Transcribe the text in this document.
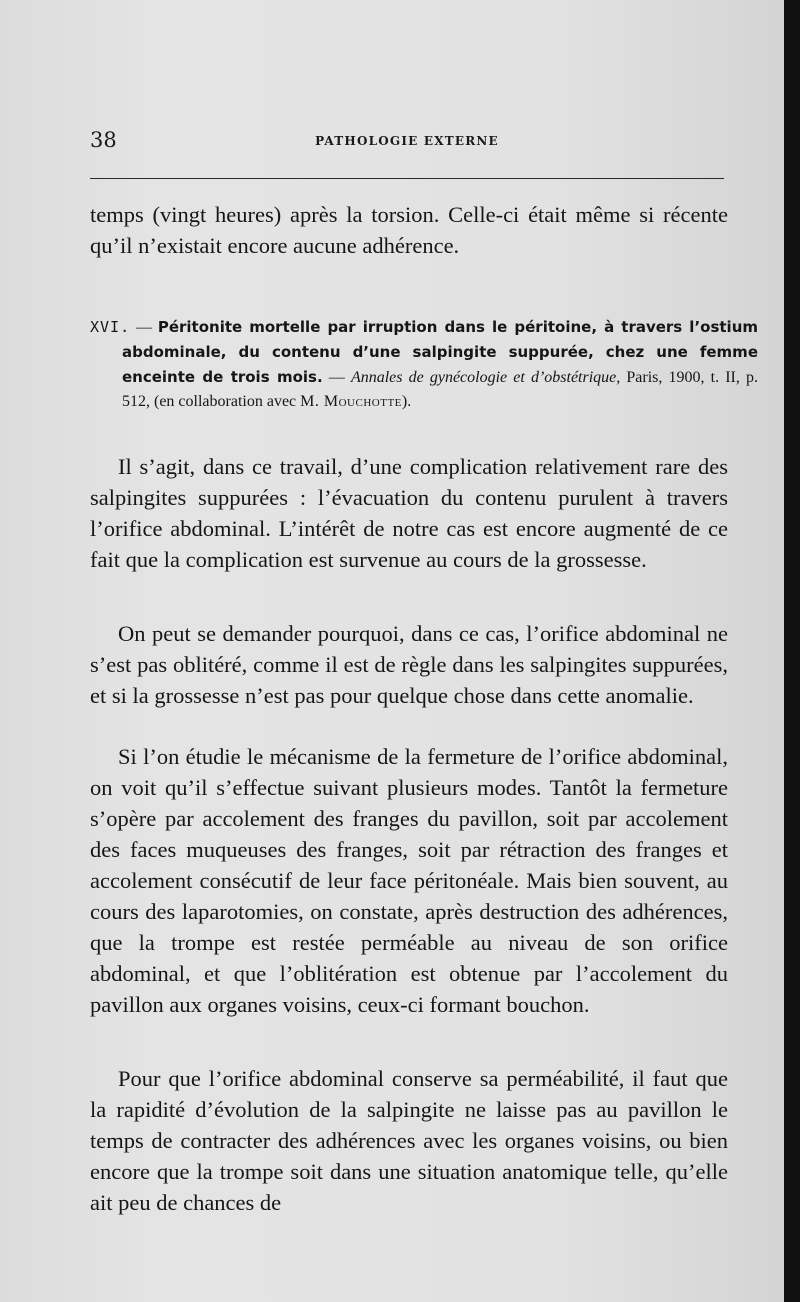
38	PATHOLOGIE EXTERNE

temps (vingt heures) après la torsion. Celle-ci était même si récente qu’il n’existait encore aucune adhérence.

XVI. — Péritonite mortelle par irruption dans le péritoine, à travers l’ostium abdominale, du contenu d’une salpingite suppurée, chez une femme enceinte de trois mois. — Annales de gynécologie et d’obstétrique, Paris, 1900, t. II, p. 512, (en collaboration avec M. Mouchotte).

Il s’agit, dans ce travail, d’une complication relativement rare des salpingites suppurées : l’évacuation du contenu purulent à travers l’orifice abdominal. L’intérêt de notre cas est encore augmenté de ce fait que la complication est survenue au cours de la grossesse.

On peut se demander pourquoi, dans ce cas, l’orifice abdominal ne s’est pas oblitéré, comme il est de règle dans les salpingites suppurées, et si la grossesse n’est pas pour quelque chose dans cette anomalie.

Si l’on étudie le mécanisme de la fermeture de l’orifice abdominal, on voit qu’il s’effectue suivant plusieurs modes. Tantôt la fermeture s’opère par accolement des franges du pavillon, soit par accolement des faces muqueuses des franges, soit par rétraction des franges et accolement consécutif de leur face péritonéale. Mais bien souvent, au cours des laparotomies, on constate, après destruction des adhérences, que la trompe est restée perméable au niveau de son orifice abdominal, et que l’oblitération est obtenue par l’accolement du pavillon aux organes voisins, ceux-ci formant bouchon.

Pour que l’orifice abdominal conserve sa perméabilité, il faut que la rapidité d’évolution de la salpingite ne laisse pas au pavillon le temps de contracter des adhérences avec les organes voisins, ou bien encore que la trompe soit dans une situation anatomique telle, qu’elle ait peu de chances de
